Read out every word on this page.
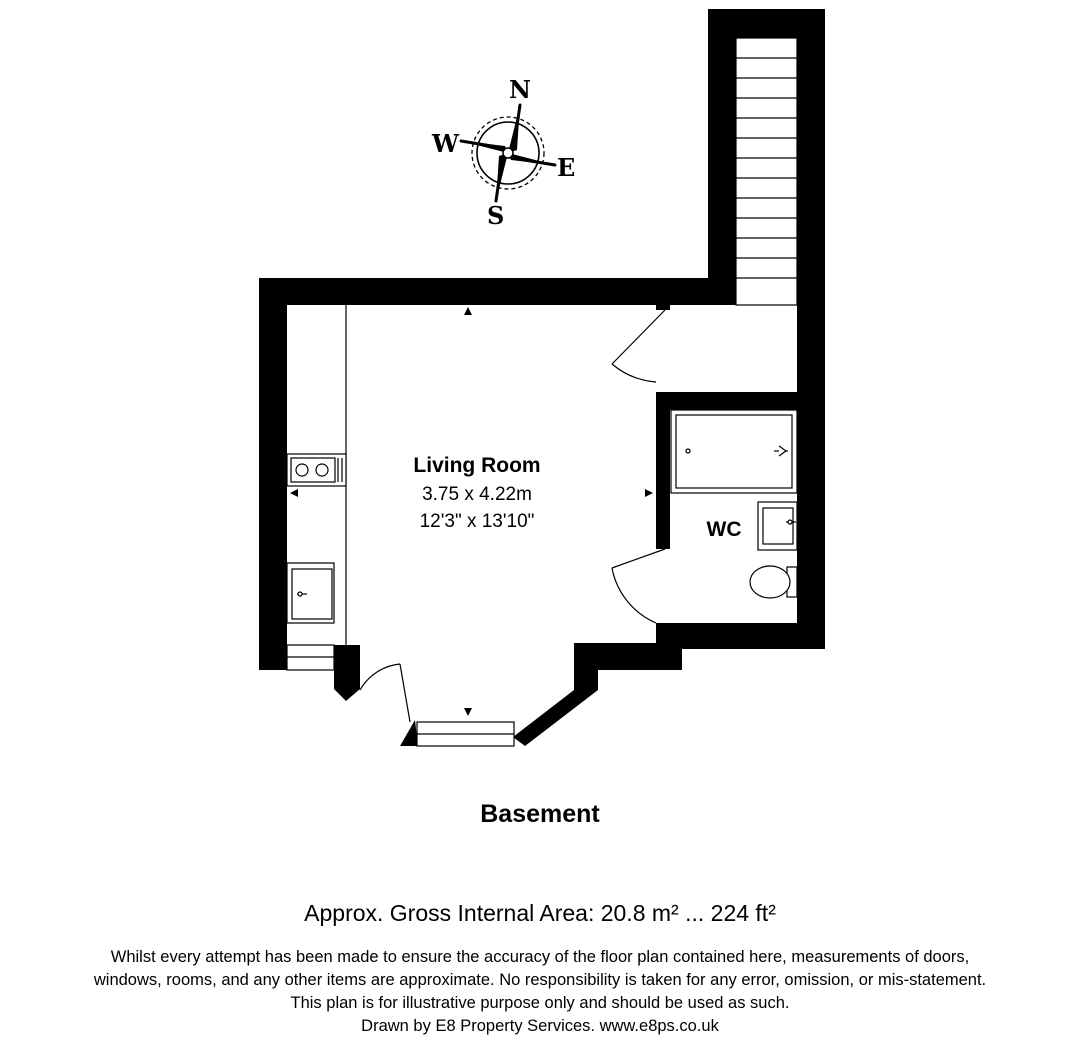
N
W
E
S
Living Room
3.75 x 4.22m
12'3" x 13'10"	WC
Basement
Approx. Gross Internal Area: 20.8 m² ... 224 ft²
Whilst every attempt has been made to ensure the accuracy of the floor plan contained here, measurements of doors,
windows, rooms, and any other items are approximate. No responsibility is taken for any error, omission, or mis-statement.
This plan is for illustrative purpose only and should be used as such.
Drawn by E8 Property Services. www.e8ps.co.uk
